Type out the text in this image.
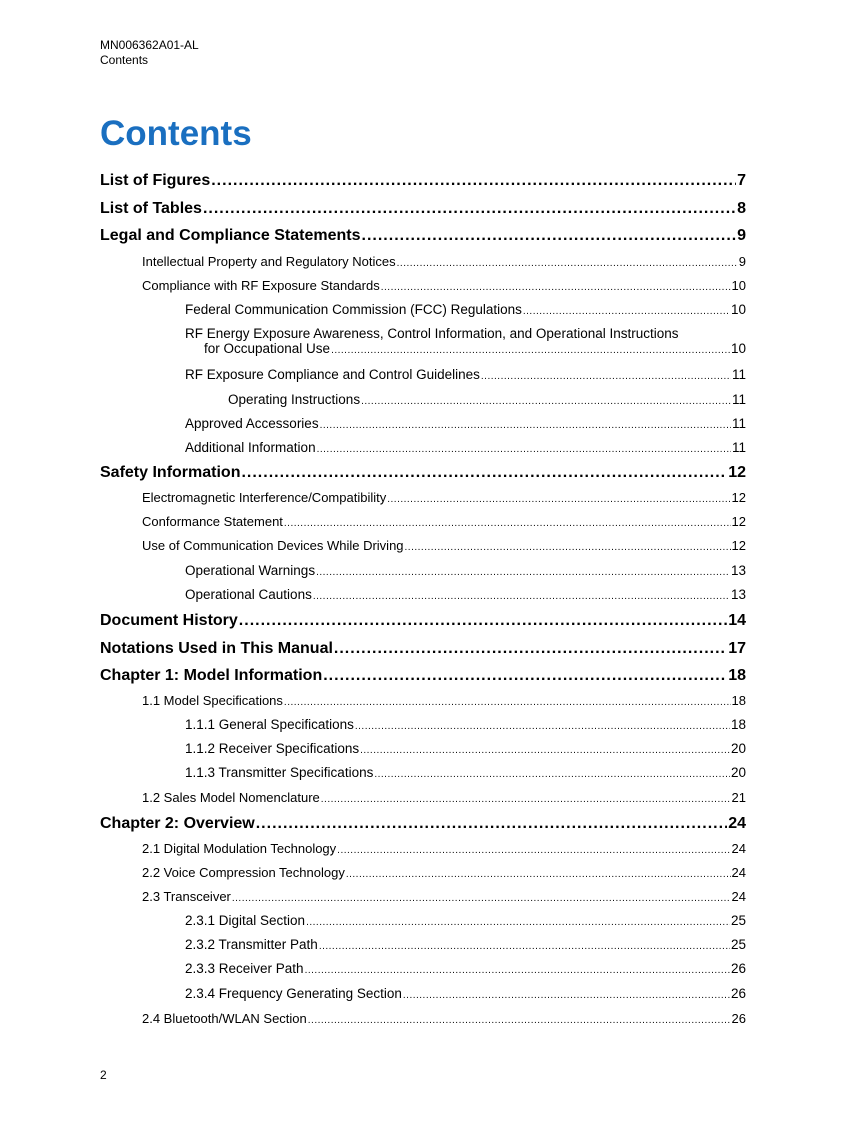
MN006362A01-AL
Contents
Contents
List of Figures .....	7
List of Tables .....	8
Legal and Compliance Statements .....	9
Intellectual Property and Regulatory Notices .....	9
Compliance with RF Exposure Standards .....	10
Federal Communication Commission (FCC) Regulations .....	10
RF Energy Exposure Awareness, Control Information, and Operational Instructions
for Occupational Use .....	10
RF Exposure Compliance and Control Guidelines .....	11
Operating Instructions .....	11
Approved Accessories .....	11
Additional Information .....	11
Safety Information .....	12
Electromagnetic Interference/Compatibility .....	12
Conformance Statement .....	12
Use of Communication Devices While Driving .....	12
Operational Warnings .....	13
Operational Cautions .....	13
Document History .....	14
Notations Used in This Manual .....	17
Chapter 1: Model Information .....	18
1.1 Model Specifications .....	18
1.1.1 General Specifications .....	18
1.1.2 Receiver Specifications .....	20
1.1.3 Transmitter Specifications .....	20
1.2 Sales Model Nomenclature .....	21
Chapter 2: Overview .....	24
2.1 Digital Modulation Technology .....	24
2.2 Voice Compression Technology .....	24
2.3 Transceiver .....	24
2.3.1 Digital Section .....	25
2.3.2 Transmitter Path .....	25
2.3.3 Receiver Path .....	26
2.3.4 Frequency Generating Section .....	26
2.4 Bluetooth/WLAN Section .....	26
2
